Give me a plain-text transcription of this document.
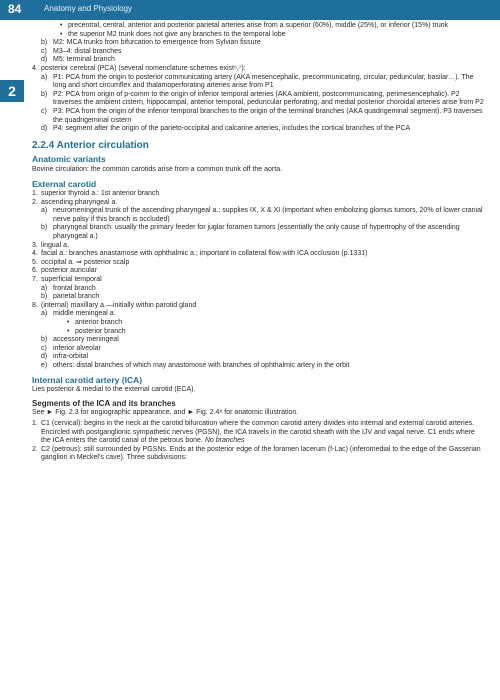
84	Anatomy and Physiology
2
• precentral, central, anterior and posterior parietal arteries arise from a superior (60%), middle (25%), or inferior (15%) trunk
• the superior M2 trunk does not give any branches to the temporal lobe
b) M2: MCA trunks from bifurcation to emergence from Sylvian fissure
c) M3–4: distal branches
d) M5: terminal branch
4. posterior cerebral (PCA) (several nomenclature schemes exist⁶,⁷):
a) P1: PCA from the origin to posterior communicating artery (AKA mesencephalic, precommunicating, circular, peduncular, basilar…). The long and short circumflex and thalamoperforating arteries arise from P1
b) P2: PCA from origin of p-comm to the origin of inferior temporal arteries (AKA ambient, postcommunicating, perimesencephalic). P2 traverses the ambient cistern, hippocampal, anterior temporal, peduncular perforating, and medial posterior choroidal arteries arise from P2
c) P3: PCA from the origin of the inferior temporal branches to the origin of the terminal branches (AKA quadrigeminal segment). P3 traverses the quadrigeminal cistern
d) P4: segment after the origin of the parieto-occipital and calcarine arteries, includes the cortical branches of the PCA
2.2.4 Anterior circulation
Anatomic variants

Bovine circulation: the common carotids arise from a common trunk off the aorta.

External carotid
1. superior thyroid a.: 1st anterior branch
2. ascending pharyngeal a.
a) neuromeningeal trunk of the ascending pharyngeal a.: supplies IX, X & XI (important when embolizing glomus tumors, 20% of lower cranial nerve palsy if this branch is occluded)
b) pharyngeal branch: usually the primary feeder for juglar foramen tumors (essentially the only cause of hypertrophy of the ascending pharyngeal a.)
3. lingual a.
4. facial a.: branches anastamose with ophthalmic a.; important in collateral flow with ICA occlusion (p.1331)
5. occipital a. ⇒ posterior scalp
6. posterior auricular
7. superficial temporal
a) frontal branch
b) parietal branch
8. (internal) maxillary a.—initially within parotid gland
a) middle meningeal a.
• anterior branch
• posterior branch
b) accessory meningeal
c) inferior alveolar
d) infra-orbital
e) others: distal branches of which may anastomose with branches of ophthalmic artery in the orbit
Internal carotid artery (ICA)

Lies posterior & medial to the external carotid (ECA).

Segments of the ICA and its branches

See ► Fig. 2.3 for angiographic appearance, and ► Fig. 2.4⁸ for anatomic illustration.

1. C1 (cervical): begins in the neck at the carotid bifurcation where the common carotid artery divides into internal and external carotid arteries. Encircled with postganglionic sympathetic nerves (PGSN), the ICA travels in the carotid sheath with the IJV and vagal nerve. C1 ends where the ICA enters the carotid canal of the petrous bone. No branches
2. C2 (petrous): still surrounded by PGSNs. Ends at the posterior edge of the foramen lacerum (f-Lac) (inferomedial to the edge of the Gasserian ganglion in Meckel's cave). Three subdivisions:
